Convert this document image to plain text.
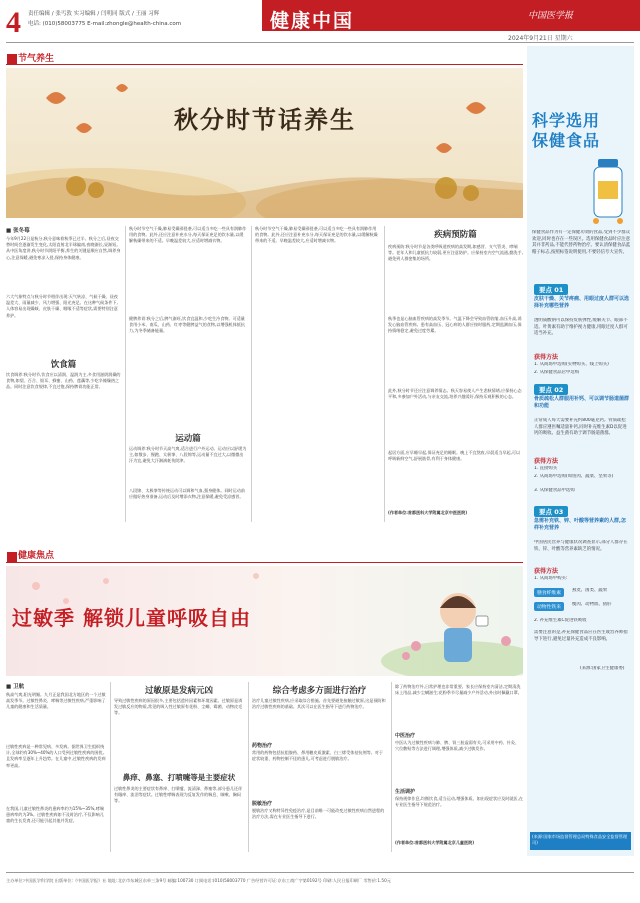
4 责任编辑 / 张丐敦 实习编辑 / 闫明同 版式 / 王丽 习辉
电话: (010)58003775 E-mail:zhongle@health-china.com	健康中国	中国医学报
2024年9月21日 星期六
节气养生
秋分时节话养生
■ 张冬莓
今年9月22日是秋分,秋分意味着秋季已过半。秋分之后,昼夜交替时间会逐渐发生变化,太阳直射北半球偏南,夜晚渐长,昼渐短。从中医角度讲,秋分时节阴阳平衡,养生的关键是顺应自然,调养身心,注意保暖,避免寒凉入侵,保持身体健康。
六大气象特点与秋分时节相伴出现:天气转凉、气候干燥、昼夜温差大、雨量减少、风力增强、阳光充足。在这种气候条件下,人体容易出现燥咳、皮肤干燥、咽喉不适等症状,需要特别注意养护。
饮食篇
饮食调养:秋分时节,饮食应以清润、温润为主,多食用滋阴润燥的食物,如梨、百合、银耳、蜂蜜、山药、莲藕等,少吃辛辣燥热之品。同时注意饮食规律,不宜过饱,保持脾胃功能正常。
秋分时节空气干燥,肺易受燥邪侵袭,可以适当多吃一些具有润肺作用的食物。此外,还应注意补充水分,每天保证充足的饮水量,以缓解秋燥带来的不适。早晚温差较大,应适时增减衣物。
健脾养胃:秋分之后,脾气渐旺,饮食宜温和,少吃生冷食物。可适量食用小米、南瓜、山药、红枣等健脾益气的食物,以增强机体抵抗力,为冬季储备能量。
运动篇
运动调养:秋分时节天高气爽,适合进行户外运动。运动应以舒缓为主,如散步、慢跑、太极拳、八段锦等,运动量不宜过大,以微微出汗为宜,避免大汗淋漓耗伤阴津。
八段锦、太极拳等传统运动可以调和气血,强身健体。同时运动前应做好热身准备,运动后及时增添衣物,注意保暖,避免受凉感冒。
秋分时节空气干燥,肺易受燥邪侵袭,可以适当多吃一些具有润肺作用的食物。此外,还应注意补充水分,每天保证充足的饮水量,以缓解秋燥带来的不适。早晚温差较大,应适时增减衣物。
疾病预防篇
疾病预防:秋分时节是各类呼吸道疾病的高发期,如感冒、支气管炎、哮喘等。老年人和儿童抵抗力较弱,更应注意防护。应保持室内空气流通,勤洗手,避免到人群密集的场所。
秋季也是心脑血管疾病的高发季节。气温下降会导致血管收缩,血压升高,诱发心脑血管疾病。患有高血压、冠心病的人群应按时服药,定期监测血压,保持情绪稳定,避免过度劳累。
此外,秋分时节还应注意调养情志。秋天容易使人产生悲秋情绪,应保持心态平和,多参加户外活动,与亲友交流,培养兴趣爱好,保持乐观积极的心态。
起居方面,应早睡早起,保证充足的睡眠。晚上不宜熬夜,早晨适当早起,可以呼吸新鲜空气,舒展筋骨,有利于身体健康。
(作者单位:首都医科大学附属北京中医医院)
科学选用
保健食品
保健食品作为有一定保健功效的食品,受到不少群众欢迎,同时也存在一些误区。选用保健食品时应注意其并非药品,不能代替药物治疗。要认清保健食品蓝帽子标志,按照标签说明使用,不要轻信夸大宣传。
要点 01
皮肤干燥、关节疼痛、用眼过度人群可以选择补充哪些营养
透明质酸钠可以保持皮肤弹性,缓解关节、眼部不适。叶黄素有助于维护视力健康,用眼过度人群可适当补充。
获得方法
1. 从商场中选购(实物购买、线上购买)
2. 从保健食品店中选购
要点 02
骨质疏松人群服用补钙、可以调节肠道菌群和功能
正常成人每天需要补充约800毫克钙。骨质疏松人群应遵医嘱适量补钙,同时补充维生素D以促进钙的吸收。益生菌有助于调节肠道菌群。
获得方法
1. 直接购买
2. 从商场中选购(如鱼肉、蔬菜、坚果等)
3. 从保健食品中选购
要点 03
急需补充铁、锌、叶酸等营养素的人群,怎样补充营养
中国居民营养与健康状况调查显示,部分人群存在铁、锌、叶酸等营养素缺乏的情况。
获得方法
1. 从商场中购买:
膳食纤维素
燕麦、菌类、蔬果
动物性铁来
瘦肉、动物血、猪肝
2. 补充维生素C促进铁吸收
需要注意的是,补充保健食品应在医生或营养师指导下进行,避免过量补充造成不良影响。
(来源:国家卫生健康委)
(来源:国家市场监督管理总局特殊食品安全监督管理司)
健康焦点
过敏季 解锁儿童呼吸自由
■ 卫航
秋高气爽,阳光明媚。九月正是我国北方地区的一个过敏高发季节。过敏性鼻炎、哮喘等过敏性疾病,严重影响了儿童的健康和生活质量。
过敏性疾病是一种常见病、多发病。据世界卫生组织统计,全球约有30%~40%的人口受到过敏性疾病的困扰,且发病率呈逐年上升趋势。在儿童中,过敏性疾病的发病率更高。
在我国,儿童过敏性鼻炎的患病率约为15%~35%,哮喘患病率约为3%。过敏性疾病如不及时治疗,不仅影响儿童的生长发育,还可能引起其他并发症。
过敏原是发病元凶
导致过敏性疾病的原因很多,主要包括遗传因素和环境因素。过敏原是诱发过敏反应的物质,常见的吸入性过敏原有花粉、尘螨、霉菌、动物皮毛等。
鼻痒、鼻塞、打喷嚏等是主要症状
过敏性鼻炎的主要症状有鼻痒、打喷嚏、流清涕、鼻塞等,部分患儿还伴有眼痒、流泪等症状。过敏性哮喘表现为反复发作的喘息、咳嗽、胸闷等。
综合考虑多方面进行治疗
治疗儿童过敏性疾病,应采取综合措施。首先要避免接触过敏原,这是预防和治疗过敏性疾病的基础。其次可以在医生指导下进行药物治疗。
药物治疗
常用的药物包括抗组胺药、鼻用糖皮质激素、白三烯受体拮抗剂等。对于症状较重、药物控制不佳的患儿,可考虑进行脱敏治疗。
脱敏治疗
脱敏治疗又称特异性免疫治疗,是目前唯一可能改变过敏性疾病自然进程的治疗方法,需在专业医生指导下进行。
除了药物治疗外,日常护理也非常重要。家长应保持室内清洁,定期清洗床上用品,减少尘螨滋生;花粉季节尽量减少户外活动,外出时佩戴口罩。
中医治疗
中医认为过敏性疾病与肺、脾、肾三脏虚弱有关,可采用中药、针灸、穴位敷贴等方法进行调理,增强体质,减少过敏发作。
生活调护
保持规律作息,均衡饮食,适当运动,增强体质。如出现症状应及时就医,在专业医生指导下规范治疗。
(作者单位:首都医科大学附属北京儿童医院)
主办单位:中国医学科学院 出版单位:《中国医学报》社 地址:北京市东城区东单三条9号 邮编:100730 订阅电话:(010)58003770 广告经营许可证:京东工商广字第0192号 印刷:人民日报印刷厂 零售价:1.50元
